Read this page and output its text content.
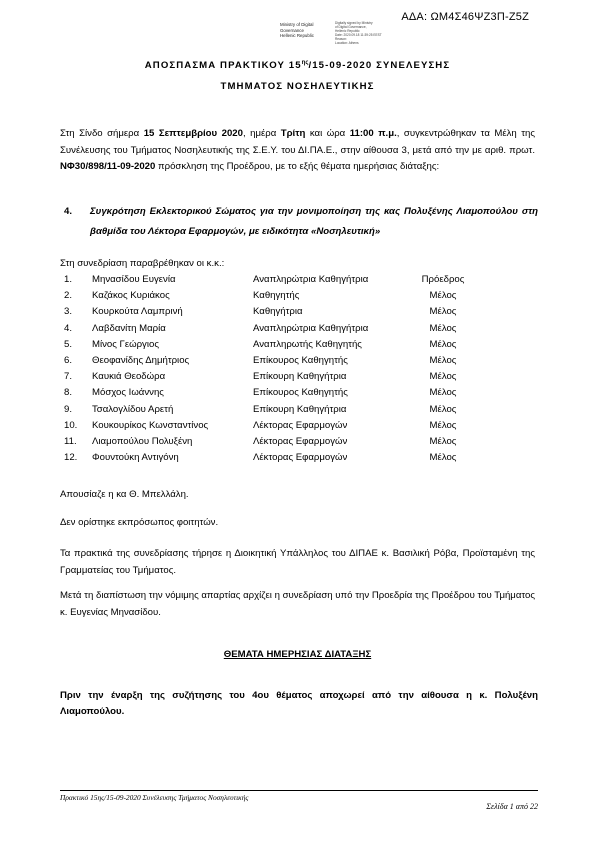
ΑΔΑ: ΩΜ4Σ46ΨΖ3Π-Ζ5Ζ
Ministry of Digital
Governance
Hellenic Republic
Digitally signed by Ministry
of Digital Governance,
Hellenic Republic
Date: 2020.09.18 11:39:25 EEST
Reason:
Location: Athens
ΑΠΟΣΠΑΣΜΑ ΠΡΑΚΤΙΚΟΥ $15^{\eta\varsigma}/15-09-2020$ ΣΥΝΕΛΕΥΣΗΣ
ΤΜΗΜΑΤΟΣ ΝΟΣΗΛΕΥΤΙΚΗΣ
Στη Σίνδο σήμερα 15 Σεπτεμβρίου 2020, ημέρα Τρίτη και ώρα 11:00 π.μ., συγκεντρώθηκαν τα Μέλη της Συνέλευσης του Τμήματος Νοσηλευτικής της Σ.Ε.Υ. του ΔΙ.ΠΑ.Ε., στην αίθουσα 3, μετά από την με αριθ. πρωτ. ΝΦ30/898/11-09-2020 πρόσκληση της Προέδρου, με το εξής θέματα ημερήσιας διάταξης:
4. Συγκρότηση Εκλεκτορικού Σώματος για την μονιμοποίηση της κας Πολυξένης Λιαμοπούλου στη βαθμίδα του Λέκτορα Εφαρμογών, με ειδικότητα «Νοσηλευτική»
Στη συνεδρίαση παραβρέθηκαν οι κ.κ.:
1. Μηνασίδου Ευγενία	Αναπληρώτρια Καθηγήτρια	Πρόεδρος
2. Καζάκος Κυριάκος	Καθηγητής	Μέλος
3. Κουρκούτα Λαμπρινή	Καθηγήτρια	Μέλος
4. Λαβδανίτη Μαρία	Αναπληρώτρια Καθηγήτρια	Μέλος
5. Μίνος Γεώργιος	Αναπληρωτής Καθηγητής	Μέλος
6. Θεοφανίδης Δημήτριος	Επίκουρος Καθηγητής	Μέλος
7. Καυκιά Θεοδώρα	Επίκουρη Καθηγήτρια	Μέλος
8. Μόσχος Ιωάννης	Επίκουρος Καθηγητής	Μέλος
9. Τσαλογλίδου Αρετή	Επίκουρη Καθηγήτρια	Μέλος
10. Κουκουρίκος Κωνσταντίνος	Λέκτορας Εφαρμογών	Μέλος
11. Λιαμοπούλου Πολυξένη	Λέκτορας Εφαρμογών	Μέλος
12. Φουντούκη Αντιγόνη	Λέκτορας Εφαρμογών	Μέλος
Απουσίαζε η κα Θ. Μπελλάλη.
Δεν ορίστηκε εκπρόσωπος φοιτητών.
Τα πρακτικά της συνεδρίασης τήρησε η Διοικητική Υπάλληλος του ΔΙΠΑΕ κ. Βασιλική Ρόβα, Προϊσταμένη της Γραμματείας του Τμήματος.
Μετά τη διαπίστωση την νόμιμης απαρτίας αρχίζει η συνεδρίαση υπό την Προεδρία της Προέδρου του Τμήματος κ. Ευγενίας Μηνασίδου.
ΘΕΜΑΤΑ ΗΜΕΡΗΣΙΑΣ ΔΙΑΤΑΞΗΣ
Πριν την έναρξη της συζήτησης του 4ου θέματος αποχωρεί από την αίθουσα η κ. Πολυξένη Λιαμοπούλου.
Πρακτικό 15ης/15-09-2020 Συνέλευσης Τμήματος Νοσηλευτικής
Σελίδα 1 από 22
